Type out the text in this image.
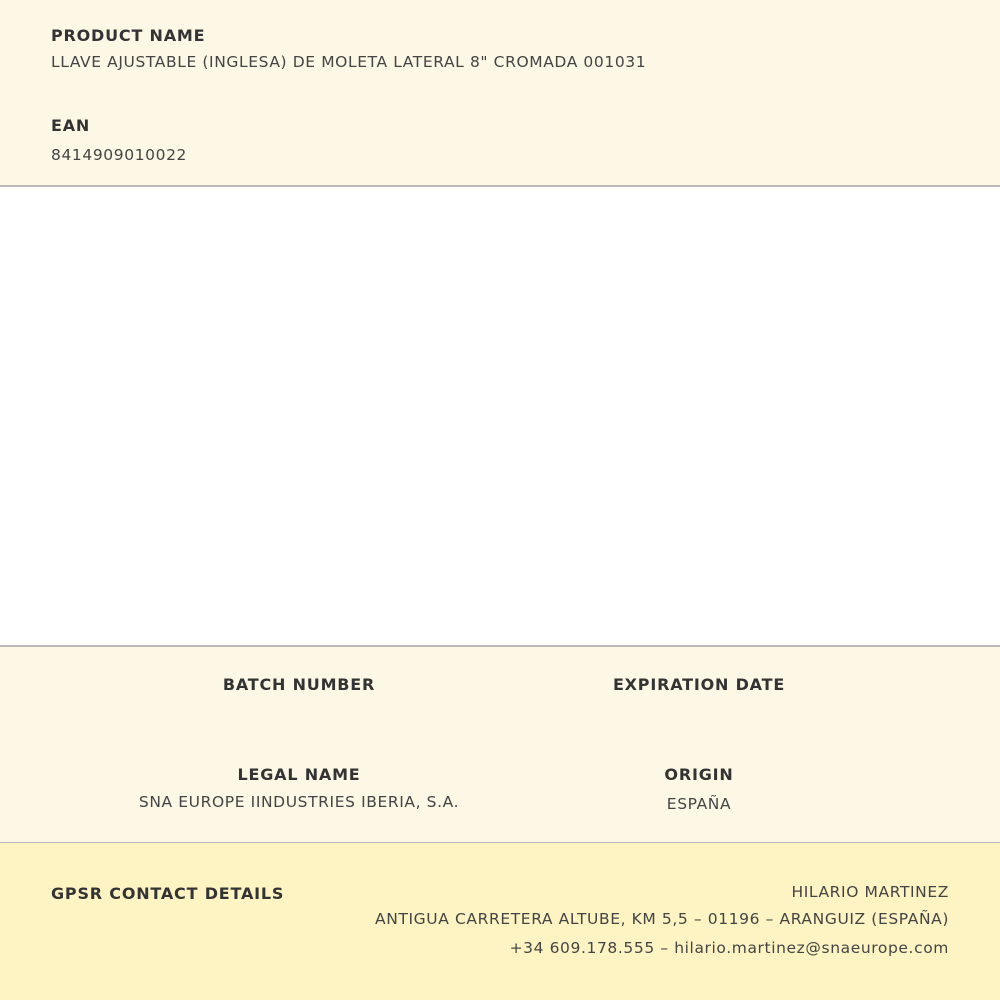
PRODUCT NAME
LLAVE AJUSTABLE (INGLESA) DE MOLETA LATERAL 8" CROMADA 001031
EAN
8414909010022
BATCH NUMBER	EXPIRATION DATE
LEGAL NAME
SNA EUROPE IINDUSTRIES IBERIA, S.A.
ORIGIN
ESPAÑA
GPSR CONTACT DETAILS	HILARIO MARTINEZ
ANTIGUA CARRETERA ALTUBE, KM 5,5 – 01196 – ARANGUIZ (ESPAÑA)
+34 609.178.555 – hilario.martinez@snaeurope.com
